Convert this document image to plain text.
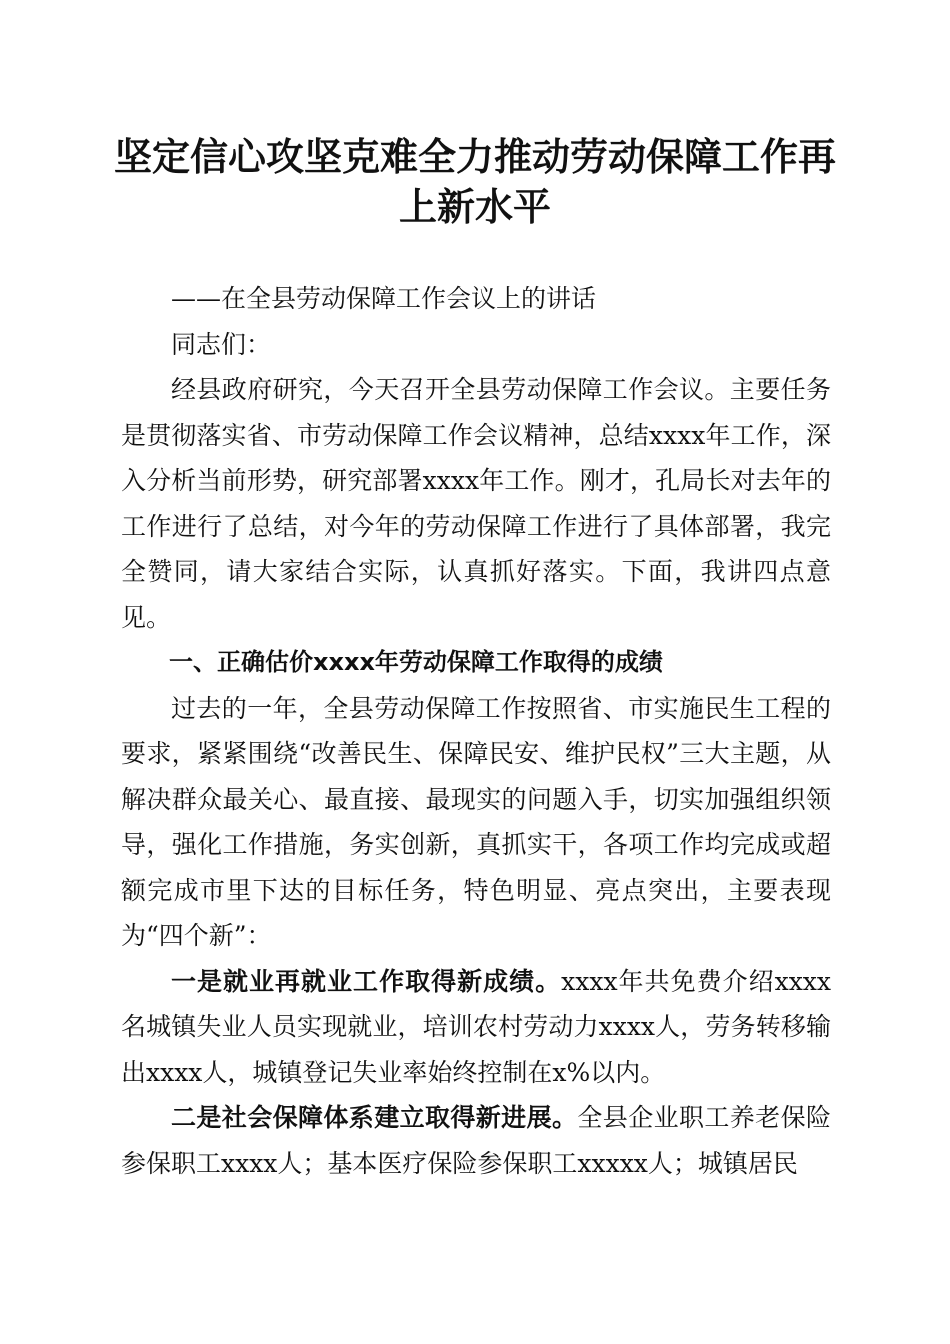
坚定信心攻坚克难全力推动劳动保障工作再上新水平

——在全县劳动保障工作会议上的讲话

同志们：

经县政府研究，今天召开全县劳动保障工作会议。主要任务是贯彻落实省、市劳动保障工作会议精神，总结xxxx年工作，深入分析当前形势，研究部署xxxx年工作。刚才，孔局长对去年的工作进行了总结，对今年的劳动保障工作进行了具体部署，我完全赞同，请大家结合实际，认真抓好落实。下面，我讲四点意见。

一、正确估价xxxx年劳动保障工作取得的成绩

过去的一年，全县劳动保障工作按照省、市实施民生工程的要求，紧紧围绕“改善民生、保障民安、维护民权”三大主题，从解决群众最关心、最直接、最现实的问题入手，切实加强组织领导，强化工作措施，务实创新，真抓实干，各项工作均完成或超额完成市里下达的目标任务，特色明显、亮点突出，主要表现为“四个新”：

一是就业再就业工作取得新成绩。xxxx年共免费介绍xxxx名城镇失业人员实现就业，培训农村劳动力xxxx人，劳务转移输出xxxx人，城镇登记失业率始终控制在x%以内。

二是社会保障体系建立取得新进展。全县企业职工养老保险参保职工xxxx人；基本医疗保险参保职工xxxxx人；城镇居民
